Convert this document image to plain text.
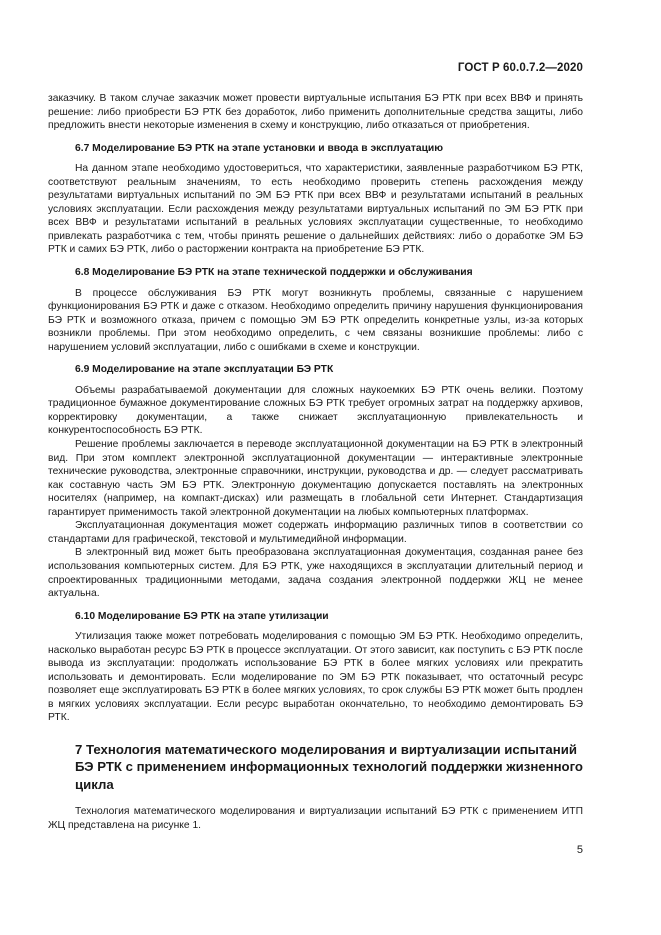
ГОСТ Р 60.0.7.2—2020

заказчику. В таком случае заказчик может провести виртуальные испытания БЭ РТК при всех ВВФ и принять решение: либо приобрести БЭ РТК без доработок, либо применить дополнительные средства защиты, либо предложить внести некоторые изменения в схему и конструкцию, либо отказаться от приобретения.

6.7 Моделирование БЭ РТК на этапе установки и ввода в эксплуатацию

На данном этапе необходимо удостовериться, что характеристики, заявленные разработчиком БЭ РТК, соответствуют реальным значениям, то есть необходимо проверить степень расхождения между результатами виртуальных испытаний по ЭМ БЭ РТК при всех ВВФ и результатами испытаний в реальных условиях эксплуатации. Если расхождения между результатами виртуальных испытаний по ЭМ БЭ РТК при всех ВВФ и результатами испытаний в реальных условиях эксплуатации существенные, то необходимо привлекать разработчика с тем, чтобы принять решение о дальнейших действиях: либо о доработке ЭМ БЭ РТК и самих БЭ РТК, либо о расторжении контракта на приобретение БЭ РТК.

6.8 Моделирование БЭ РТК на этапе технической поддержки и обслуживания

В процессе обслуживания БЭ РТК могут возникнуть проблемы, связанные с нарушением функционирования БЭ РТК и даже с отказом. Необходимо определить причину нарушения функционирования БЭ РТК и возможного отказа, причем с помощью ЭМ БЭ РТК определить конкретные узлы, из-за которых возникли проблемы. При этом необходимо определить, с чем связаны возникшие проблемы: либо с нарушением условий эксплуатации, либо с ошибками в схеме и конструкции.

6.9 Моделирование на этапе эксплуатации БЭ РТК

Объемы разрабатываемой документации для сложных наукоемких БЭ РТК очень велики. Поэтому традиционное бумажное документирование сложных БЭ РТК требует огромных затрат на поддержку архивов, корректировку документации, а также снижает эксплуатационную привлекательность и конкурентоспособность БЭ РТК.

Решение проблемы заключается в переводе эксплуатационной документации на БЭ РТК в электронный вид. При этом комплект электронной эксплуатационной документации — интерактивные электронные технические руководства, электронные справочники, инструкции, руководства и др. — следует рассматривать как составную часть ЭМ БЭ РТК. Электронную документацию допускается поставлять на электронных носителях (например, на компакт-дисках) или размещать в глобальной сети Интернет. Стандартизация гарантирует применимость такой электронной документации на любых компьютерных платформах.

Эксплуатационная документация может содержать информацию различных типов в соответствии со стандартами для графической, текстовой и мультимедийной информации.

В электронный вид может быть преобразована эксплуатационная документация, созданная ранее без использования компьютерных систем. Для БЭ РТК, уже находящихся в эксплуатации длительный период и спроектированных традиционными методами, задача создания электронной поддержки ЖЦ не менее актуальна.

6.10 Моделирование БЭ РТК на этапе утилизации

Утилизация также может потребовать моделирования с помощью ЭМ БЭ РТК. Необходимо определить, насколько выработан ресурс БЭ РТК в процессе эксплуатации. От этого зависит, как поступить с БЭ РТК после вывода из эксплуатации: продолжать использование БЭ РТК в более мягких условиях или прекратить использовать и демонтировать. Если моделирование по ЭМ БЭ РТК показывает, что остаточный ресурс позволяет еще эксплуатировать БЭ РТК в более мягких условиях, то срок службы БЭ РТК может быть продлен в мягких условиях эксплуатации. Если ресурс выработан окончательно, то необходимо демонтировать БЭ РТК.

7 Технология математического моделирования и виртуализации испытаний БЭ РТК с применением информационных технологий поддержки жизненного цикла

Технология математического моделирования и виртуализации испытаний БЭ РТК с применением ИТП ЖЦ представлена на рисунке 1.

5
